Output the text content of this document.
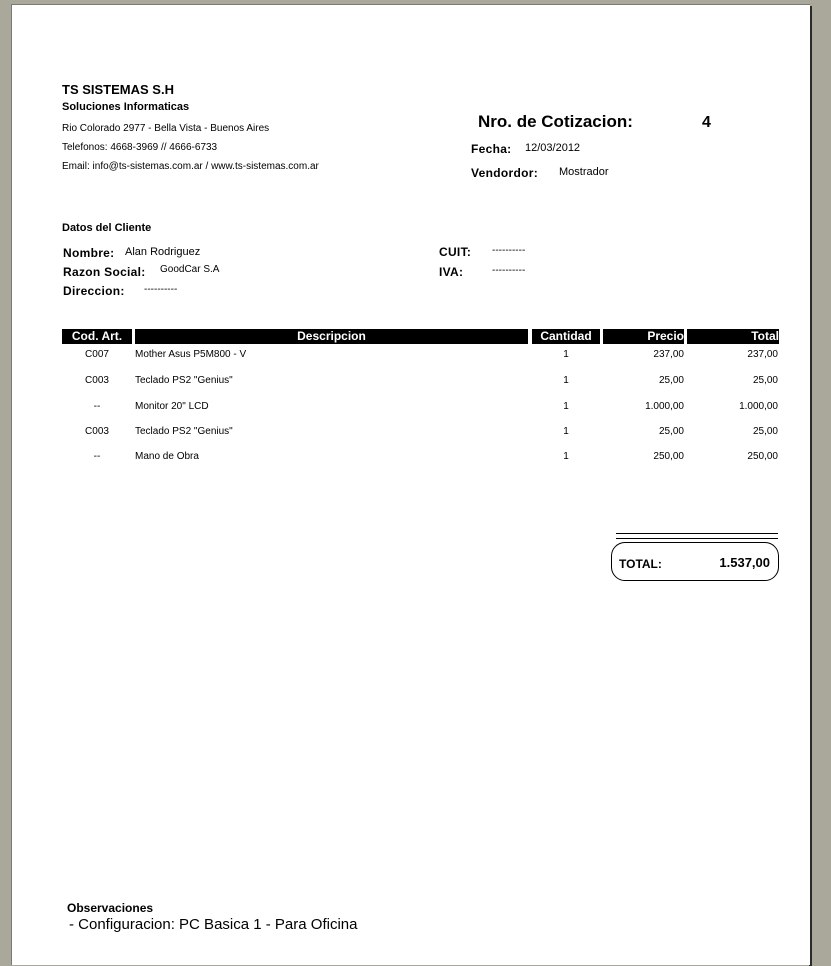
TS SISTEMAS S.H
Soluciones Informaticas
Rio Colorado 2977 - Bella Vista - Buenos Aires
Telefonos: 4668-3969 // 4666-6733
Email: info@ts-sistemas.com.ar / www.ts-sistemas.com.ar
Nro. de Cotizacion:	4
Fecha: 12/03/2012
Vendordor: Mostrador
Datos del Cliente
Nombre: Alan Rodriguez
Razon Social: GoodCar S.A
Direccion: ----------
CUIT: ----------
IVA:	----------
Cod. Art.	Descripcion	Cantidad	Precio	Total
C007	Mother Asus P5M800 - V	1	237,00	237,00
C003	Teclado PS2 "Genius"	1	25,00	25,00
--	Monitor 20" LCD	1	1.000,00	1.000,00
C003	Teclado PS2 "Genius"	1	25,00	25,00
--	Mano de Obra	1	250,00	250,00
TOTAL:	1.537,00
Observaciones
- Configuracion: PC Basica 1 - Para Oficina
